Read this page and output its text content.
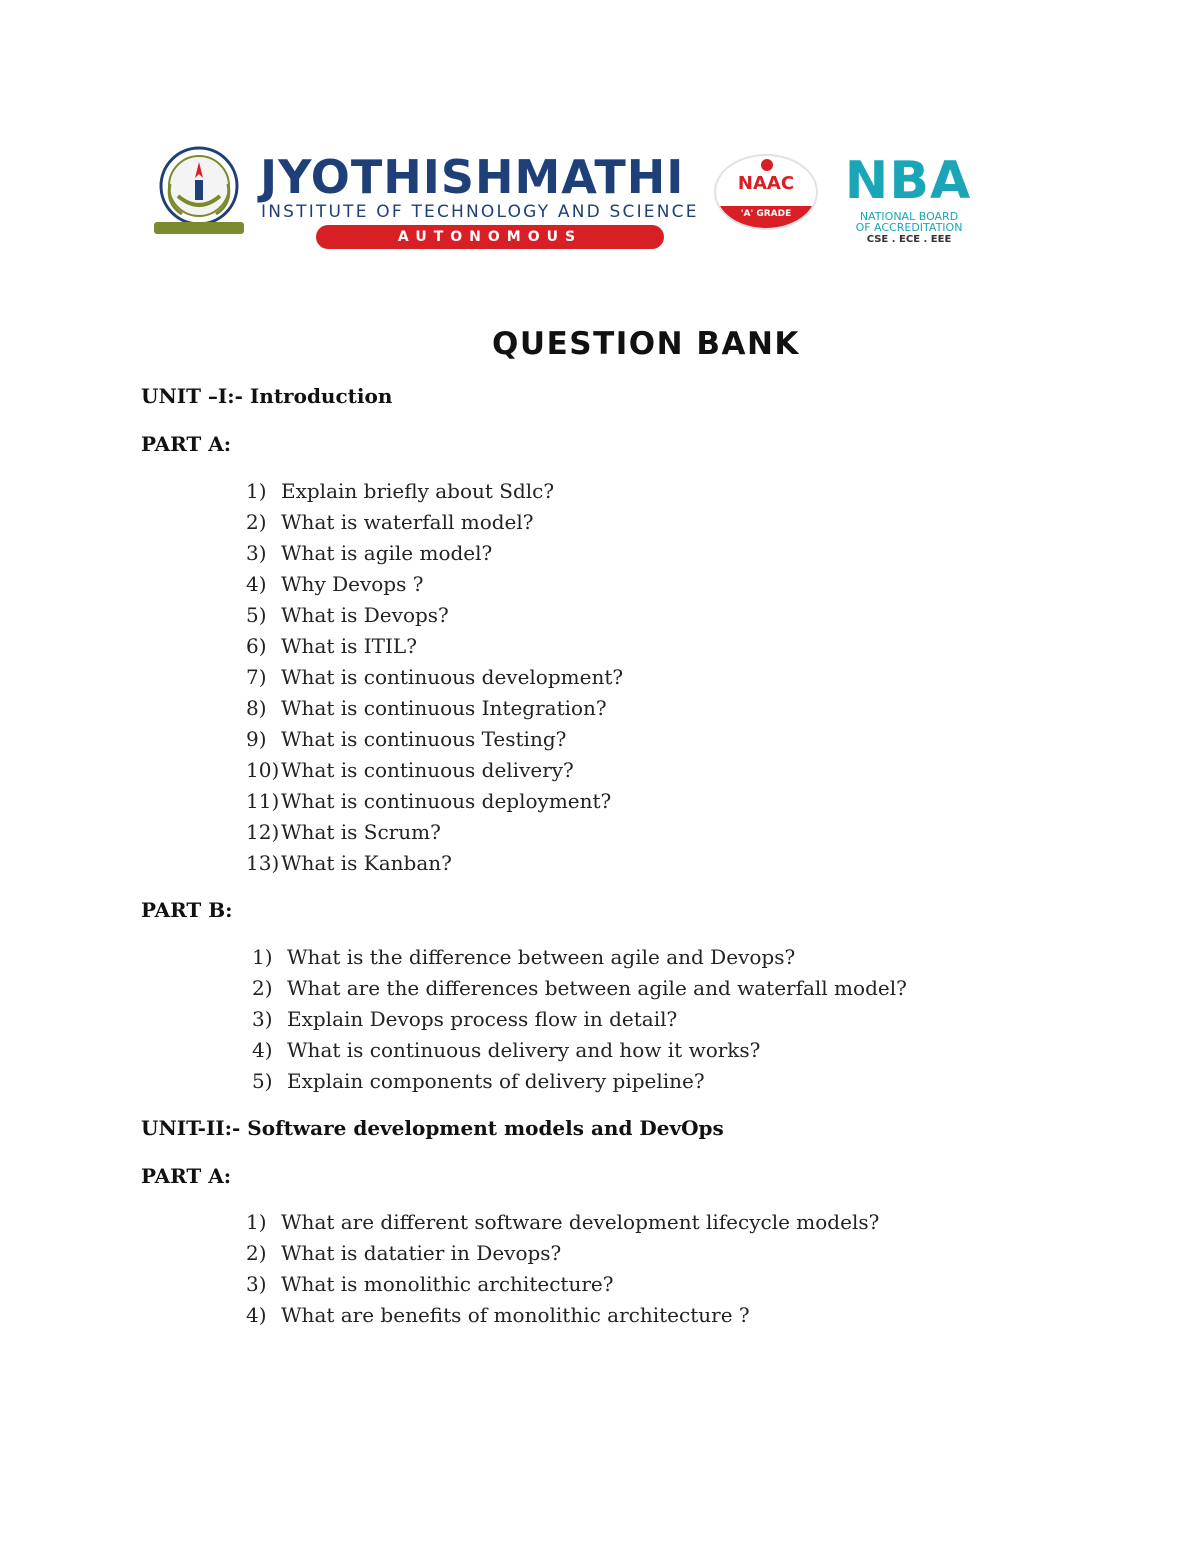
JYOTHISHMATHI
INSTITUTE OF TECHNOLOGY AND SCIENCE
AUTONOMOUS
NAAC
'A' GRADE
NBA
NATIONAL BOARD
OF ACCREDITATION
CSE . ECE . EEE
QUESTION BANK
UNIT –I:- Introduction
PART A:
1) Explain briefly about Sdlc?
2) What is waterfall model?
3) What is agile model?
4) Why Devops ?
5) What is Devops?
6) What is ITIL?
7) What is continuous development?
8) What is continuous Integration?
9) What is continuous Testing?
10)What is continuous delivery?
11)What is continuous deployment?
12)What is Scrum?
13)What is Kanban?
PART B:
1) What is the difference between agile and Devops?
2) What are the differences between agile and waterfall model?
3) Explain Devops process flow in detail?
4) What is continuous delivery and how it works?
5) Explain components of delivery pipeline?
UNIT-II:- Software development models and DevOps
PART A:
1) What are different software development lifecycle models?
2) What is datatier in Devops?
3) What is monolithic architecture?
4) What are benefits of monolithic architecture ?
